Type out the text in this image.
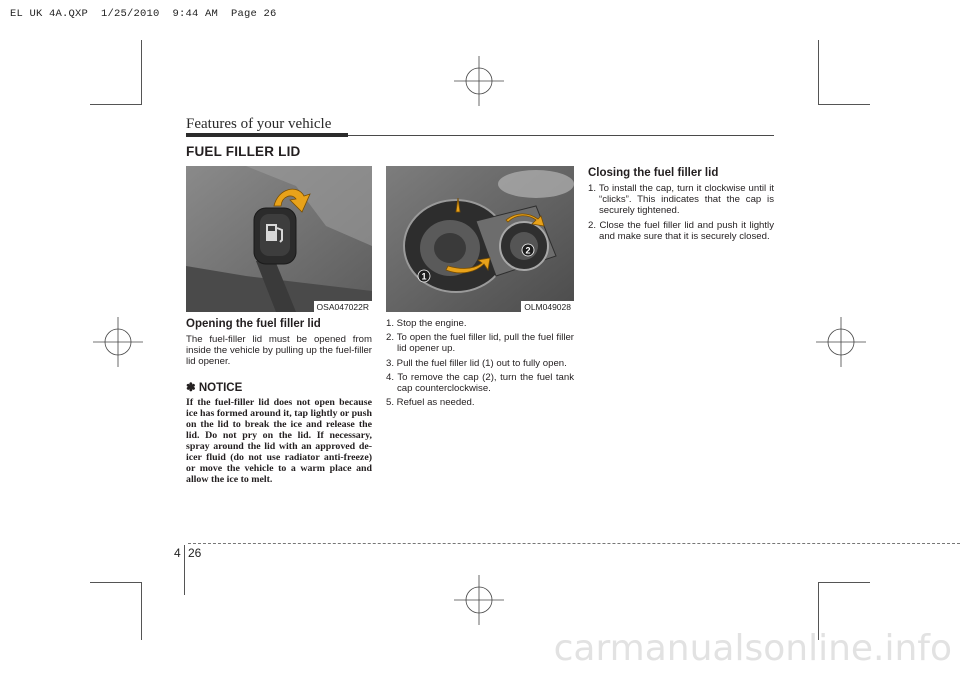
EL UK 4A.QXP  1/25/2010  9:44 AM  Page 26
Features of your vehicle
FUEL FILLER LID
OSA047022R
1
2
OLM049028
Opening the fuel filler lid

The fuel-filler lid must be opened from inside the vehicle by pulling up the fuel-filler lid opener.

✽ NOTICE

If the fuel-filler lid does not open because ice has formed around it, tap lightly or push on the lid to break the ice and release the lid. Do not pry on the lid. If necessary, spray around the lid with an approved de-icer fluid (do not use radiator anti-freeze) or move the vehicle to a warm place and allow the ice to melt.

1. Stop the engine.
2. To open the fuel filler lid, pull the fuel filler lid opener up.
3. Pull the fuel filler lid (1) out to fully open.
4. To remove the cap (2), turn the fuel tank cap counterclockwise.
5. Refuel as needed.
Closing the fuel filler lid
1. To install the cap, turn it clockwise until it “clicks”. This indicates that the cap is securely tightened.
2. Close the fuel filler lid and push it lightly and make sure that it is securely closed.
4 26
carmanualsonline.info
